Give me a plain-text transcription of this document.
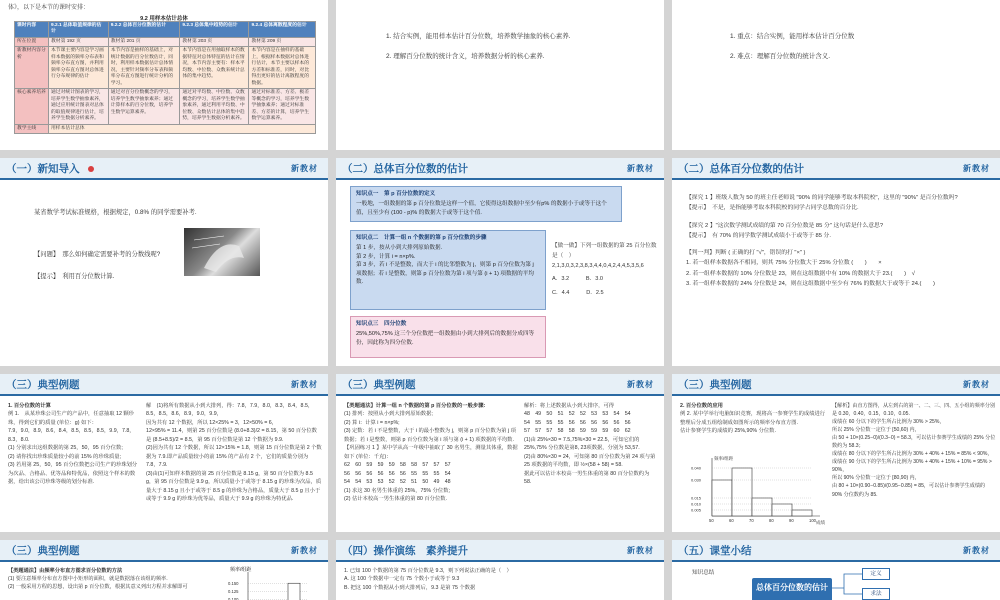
体》，以下是本节的课时安排：
9.2 用样本估计总体
课时内容	9.2.1 总体取值规律的估计	9.2.2 总体百分位数的估计	9.2.3 总体集中趋势的估计	9.2.4 总体离散程度的估计
所在位置	教材第 192 页	教材第 201 页	教材第 203 页	教材第 209 页
新教材内容分析	本节课主要内容是学习画样本数据的频率分布表和频率分布直方图，并利用频率分布直方图对总体进行分布规律的估计	本节内容是抽样的基础上，对统计数据的百分位数估计，同时，利用样本数据估计总体情况，主要针对频率分布表和频率分布直方图进行统计分析的学习。	本节内容是在用抽取样本的数据特征对总体特征的估计在情况，本节内容主要有：样本平均数、中位数、众数来统计总体的集中趋势。	本节内容是在抽样的基础上，根据样本数据对总体进行估计，本节主要以样本的方差和标准差，同时，对比得出更好的估计离散程度的数据。
核心素养培养	通过对统计图表的学习，培养学生数学抽象素养，通过应用统计图表对总体的取值规律进行估计，培养学生数据分析素养。	通过对百分位数概念的学习，培养学生数学抽象素养；通过计算样本的百分位数，培养学生数学运算素养。	通过对平均数、中位数、众数概念的学习，培养学生数学抽象素养，通过利用平均数、中位数、众数估计总体的集中趋势，培养学生数据分析素养。	通过对标准差、方差、极差等概念的学习，培养学生数学抽象素养；通过对标准差、方差的计算，培养学生数学运算素养。
教学主线	用样本估计总体			

1. 结合实例，能用样本估计百分位数，培养数学抽象的核心素养.

2. 理解百分位数的统计含义，培养数据分析的核心素养.

1. 重点：结合实例，能用样本估计百分位数

2. 难点：理解百分位数的统计含义.

（一）新知导入	新教材

某省数学考试标准规格，根据规定，0.8% 的同学需要补考.

【问题】　那么如何确定需要补考的分数线呢?

【提示】　利用百分位数计算.

（二）总体百分位数的估计	新教材
知识点一　第 p 百分位数的定义
一般地，一组数据的第 p 百分位数是这样一个值，它使得这组数据中至少有p% 的数据小于或等于这个值，且至少有 (100 - p)% 的数据大于或等于这个值.
知识点二　计算一组 n 个数据的第 p 百分位数的步骤
第 1 步，按从小到大排列原始数据.
第 2 步，计算 i = n×p%.
第 3 步，若 i 不是整数，而大于 i 的比邻整数为 j，则第 p 百分位数为第 j 项数据；若 i 是整数，则第 p 百分位数为第 i 项与第 (i + 1) 项数据的平均数.
知识点三　四分位数
25%,50%,75% 这三个分位数把一组数据由小到大排列后的数据分成四等份，因此称为四分位数.

【做一做】下列一组数据的第 25 百分位数是（　）

2,1,3,0,3,2,3,8,3,4,4,0,4,2,4,4,5,3,5,6

A．3.2　　　B．3.0

C．4.4　　　D．2.5

（二）总体百分位数的估计	新教材

【探究 1 】班级人数为 50 的班主任老师说 "90% 的同学能够考取本科院校"，这里的 "90%" 是百分位数吗?

【提示】　不是，是指能够考取本科院校的同学占同学总数的百分比.

【探究 2 】"这次数学测试成绩的第 70 百分位数是 85 分" 这句话是什么意思?

【提示】　有 70% 的同学数学测试成绩小于或等于 85 分.

【判一判】判断 ( 正确的打 "√"，错误的打 "×" )

1. 若一组样本数据各不相同，则其 75% 分位数大于 25% 分位数 (　　)　　×

2. 若一组样本数据的 10% 分位数是 23，则在这组数据中有 10% 的数据大于 23.(　　)　√

3. 若一组样本数据的 24% 分位数是 24，则在这组数据中至少有 76% 的数据大于或等于 24.(　　)

（三）典型例题	新教材

1. 百分位数的计算

例 1.　从某珍珠公司生产的产品中，任意抽取 12 颗珍珠，得到它们的质量 (单位：g) 如下：

7.9，9.0，8.9，8.6，8.4，8.5，8.5，8.5，9.9，7.8，8.3，8.0.

(1) 分别求出这组数据的第 25，50，95 百分位数;

(2) 请你找出珍珠质量较小的前 15% 的珍珠质量;

(3) 若用第 25，50，95 百分位数把公司生产的珍珠划分为次品、合格品、优等品和特优品，依照这个样本的数据，给出该公司珍珠等级的划分标准.

解　(1)将所有数据从小到大排列，得：7.8，7.9，8.0，8.3，8.4，8.5，8.5，8.5，8.6，8.9，9.0，9.9，

因为共有 12 个数据，所以 12×25% = 3，12×50% = 6，

12×95% = 11.4，则第 25 百分位数是 (8.0+8.3)/2 = 8.15，第 50 百分位数是 (8.5+8.5)/2 = 8.5，第 95 百分位数是第 12 个数据为 9.9.

(2)因为共有 12 个数据，所以 12×15% = 1.8，则第 15 百分位数是第 2 个数据为 7.9.即产品质量较小的前 15% 的产品有 2 个，它们的质量分别为 7.8，7.9.

(3)由(1)可知样本数据的第 25 百分位数是 8.15 g，第 50 百分位数为 8.5 g，第 95 百分位数是 9.9 g，所以质量小于或等于 8.15 g 的珍珠为次品，质量大于 8.15 g 且小于或等于 8.5 g 的珍珠为合格品，质量大于 8.5 g 且小于或等于 9.9 g 的珍珠为优等品，质量大于 9.9 g 的珍珠为特优品.

（三）典型例题	新教材

【类题通法】计算一组 n 个数据的第 p 百分位数的一般步骤:

(1) 排列：按照从小到大排列原始数据;

(2) 算 i：计算 i = n×p%;

(3) 定数：若 i 不是整数，大于 i 的最小整数为 j，则第 p 百分位数为第 j 项数据；若 i 是整数，则第 p 百分位数为第 i 项与第 (i + 1) 项数据的平均数.

【巩固练习 1 】某中学从高一年级中抽取了 30 名男生，测量其体重，数据如下 (单位：千克)：

62　60　59　59　59　58　58　57　57　57

56　56　56　56　56　56　55　55　55　54

54　54　53　53　52　52　51　50　49　48

(1) 求这 30 名男生体重的 25%，75% 分位数;

(2) 估计本校高一男生体重的第 80 百分位数.

解析：将上述数据从小到大排序，可得

48　49　50　51　52　52　53　53　54　54

54　55　55　55　56　56　56　56　56　56

57　57　57　58　58　59　59　59　60　62

(1)由 25%×30 = 7.5,75%×30 = 22.5，可知它们的 25%,75% 分位数是第8, 23项数据，分别为 53,57.

(2)由 80%×30 = 24，可知第 80 百分位数为第 24 项与第 25 项数据的平均数，即 ½×(58 + 58) = 58.

据此可以估计本校高一男生体重的第 80 百分位数约为 58.

（三）典型例题	新教材

2. 百分位数的应用

例 2. 某中学举行电脑知识竞赛，现将高一参赛学生的成绩进行整理后分成五组绘制成如图所示的频率分布直方图.

估计参赛学生的成绩的 25%,90% 分位数.

频率/组距
成绩
50	60	70	80	90	100
0.040
0.030
0.015
0.010
0.005

【解析】由直方图得，从左到右的第一、二、三、四、五小组的频率分别是 0.30，0.40，0.15，0.10，0.05.

成绩在 60 分以下的学生所占比例为 30% > 25%，

所以 25% 分位数一定位于 [50,60) 内，

由 50 + 10×(0.25−0)/(0.3−0) ≈ 58.3，可以估计参赛学生成绩的 25% 分位数约为 58.3；

成绩在 80 分以下的学生所占比例为 30% + 40% + 15% = 85% < 90%，

成绩在 90 分以下的学生所占比例为 30% + 40% + 15% + 10% = 95% > 90%，

所以 90% 分位数一定位于 [80,90) 内，

由 80 + 10×(0.90−0.85)/(0.95−0.85) = 85，可以估计参赛学生成绩的 90% 分位数约为 85.

（三）典型例题	新教材

【类题通法】由频率分布直方图求百分位数的方法

(1) 要注意频率分布直方图中小矩形的面积，就是数据落在该组的频率.

(2) 一般采用方程的思想，设出第 p 百分位数，根据其意义列出方程并求解即可

频率/组距
0.150
0.125
0.100
（四）操作演练　素养提升	新教材

1. 已知 100 个数据的第 75 百分位数是 9.3，则下列说法正确的是（　）

A. 这 100 个数据中一定有 75 个数小于或等于 9.3

B. 把这 100 个数据从小到大排列后，9.3 是第 75 个数据

（五）课堂小结	新教材
知识总结
总体百分位数的估计
定义
求法
